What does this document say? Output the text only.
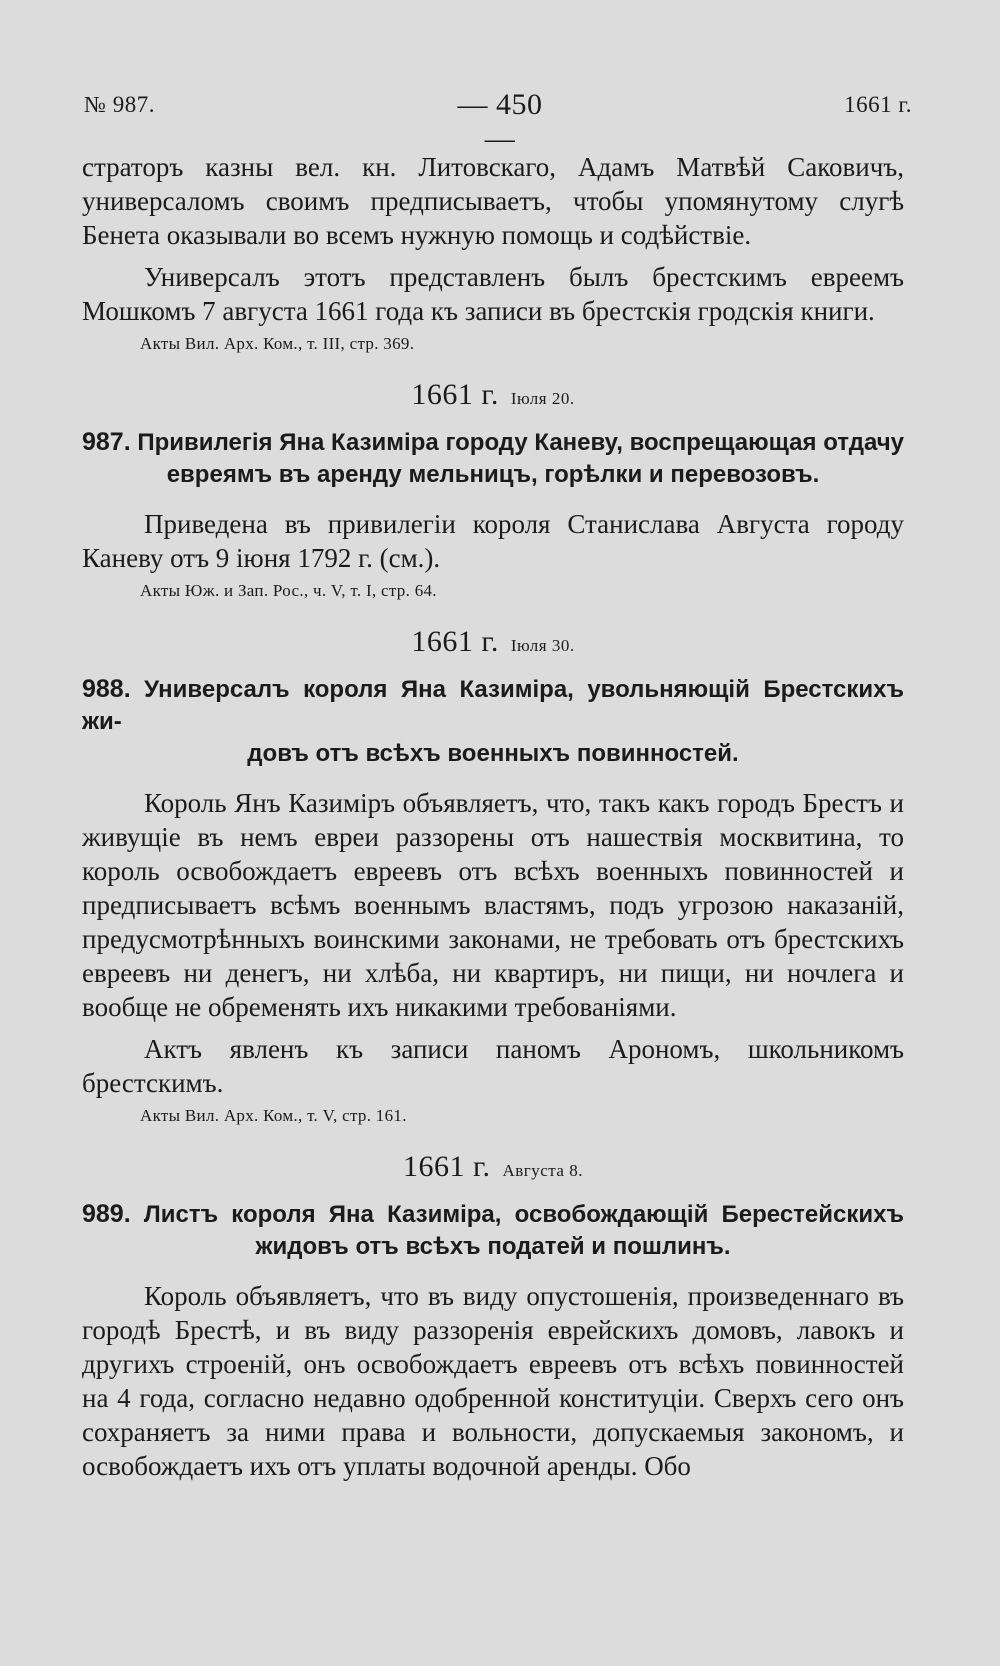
№ 987.	— 450 —
1661 г.

страторъ казны вел. кн. Литовскаго, Адамъ Матвѣй Саковичъ, универсаломъ своимъ предписываетъ, чтобы упомянутому слугѣ Бенета оказывали во всемъ нужную помощь и содѣйствіе.

Универсалъ этотъ представленъ былъ брестскимъ евреемъ Мошкомъ 7 августа 1661 года къ записи въ брестскія гродскія книги.

Акты Вил. Арх. Ком., т. III, стр. 369.
1661 г. Іюля 20.
987. Привилегія Яна Казиміра городу Каневу, воспрещающая отдачу
евреямъ въ аренду мельницъ, горѣлки и перевозовъ.

Приведена въ привилегіи короля Станислава Августа городу Каневу отъ 9 іюня 1792 г. (см.).

Акты Юж. и Зап. Рос., ч. V, т. I, стр. 64.
1661 г. Іюля 30.
988. Универсалъ короля Яна Казиміра, увольняющій Брестскихъ жи-
довъ отъ всѣхъ военныхъ повинностей.

Король Янъ Казиміръ объявляетъ, что, такъ какъ городъ Брестъ и живущіе въ немъ евреи раззорены отъ нашествія москвитина, то король освобождаетъ евреевъ отъ всѣхъ военныхъ повинностей и предписываетъ всѣмъ военнымъ властямъ, подъ угрозою наказаній, предусмотрѣнныхъ воинскими законами, не требовать отъ брестскихъ евреевъ ни денегъ, ни хлѣба, ни квартиръ, ни пищи, ни ночлега и вообще не обременять ихъ никакими требованіями.

Актъ явленъ къ записи паномъ Арономъ, школьникомъ брестскимъ.

Акты Вил. Арх. Ком., т. V, стр. 161.
1661 г. Августа 8.
989. Листъ короля Яна Казиміра, освобождающій Берестейскихъ
жидовъ отъ всѣхъ податей и пошлинъ.

Король объявляетъ, что въ виду опустошенія, произведеннаго въ городѣ Брестѣ, и въ виду раззоренія еврейскихъ домовъ, лавокъ и другихъ строеній, онъ освобождаетъ евреевъ отъ всѣхъ повинностей на 4 года, согласно недавно одобренной конституціи. Сверхъ сего онъ сохраняетъ за ними права и вольности, допускаемыя закономъ, и освобождаетъ ихъ отъ уплаты водочной аренды. Обо
